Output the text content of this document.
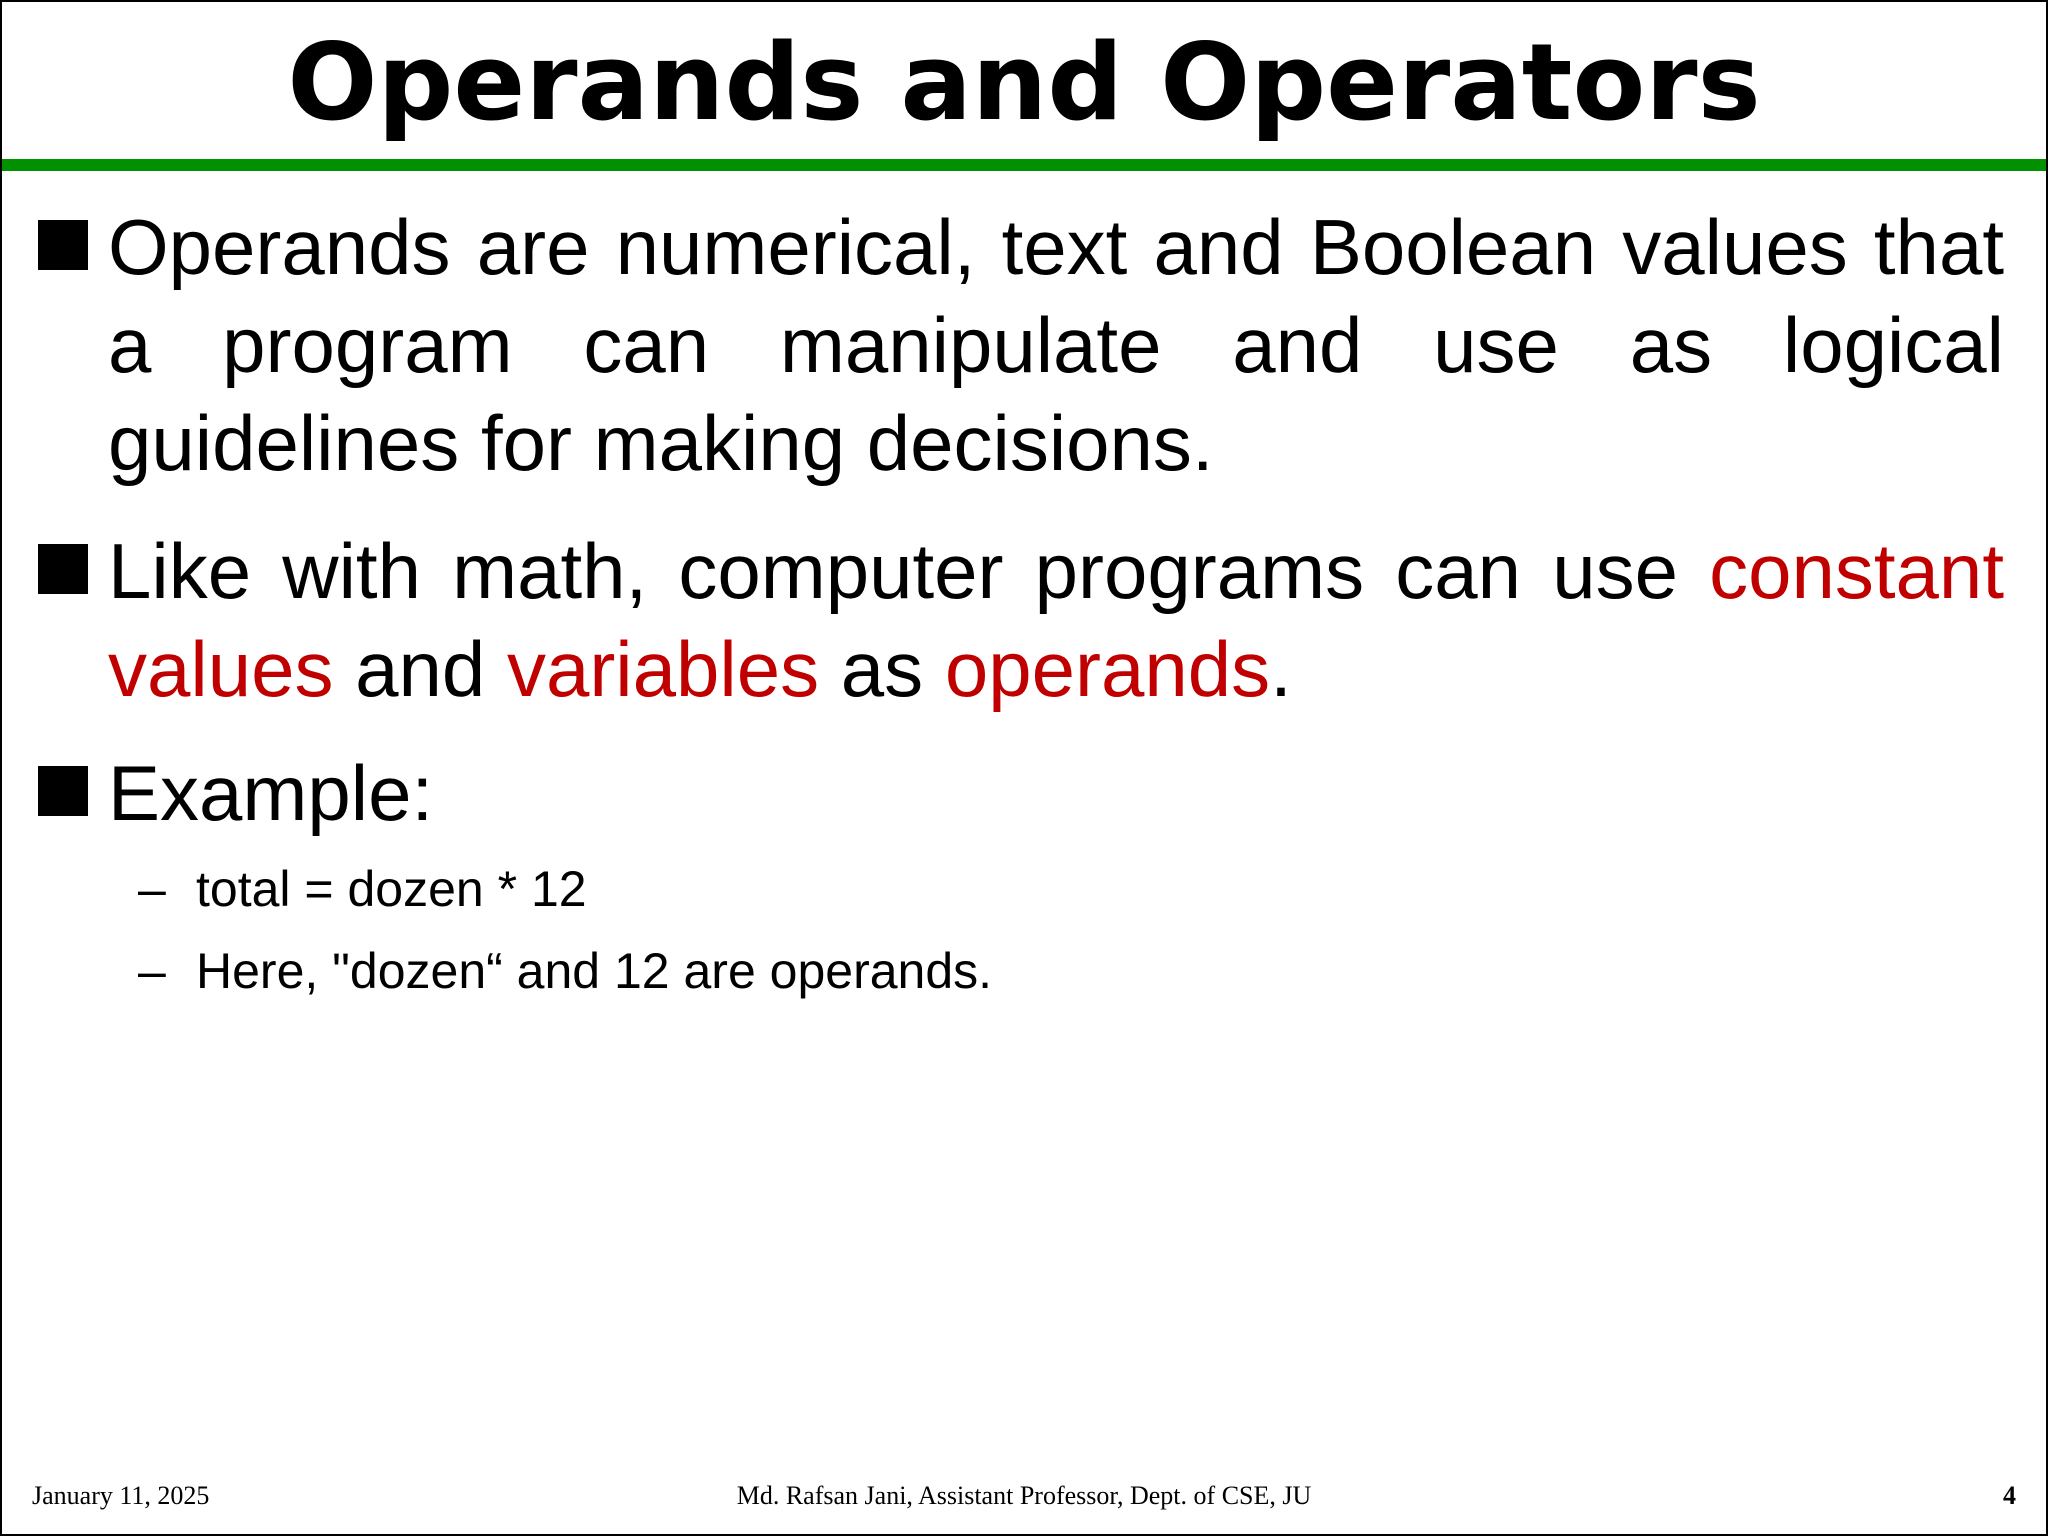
Operands and Operators
Operands are numerical, text and Boolean values that a program can manipulate and use as logical guidelines for making decisions.
Like with math, computer programs can use constant values and variables as operands.
Example:
– total = dozen * 12
– Here, "dozen“ and 12 are operands.
January 11, 2025	Md. Rafsan Jani, Assistant Professor, Dept. of CSE, JU	4
